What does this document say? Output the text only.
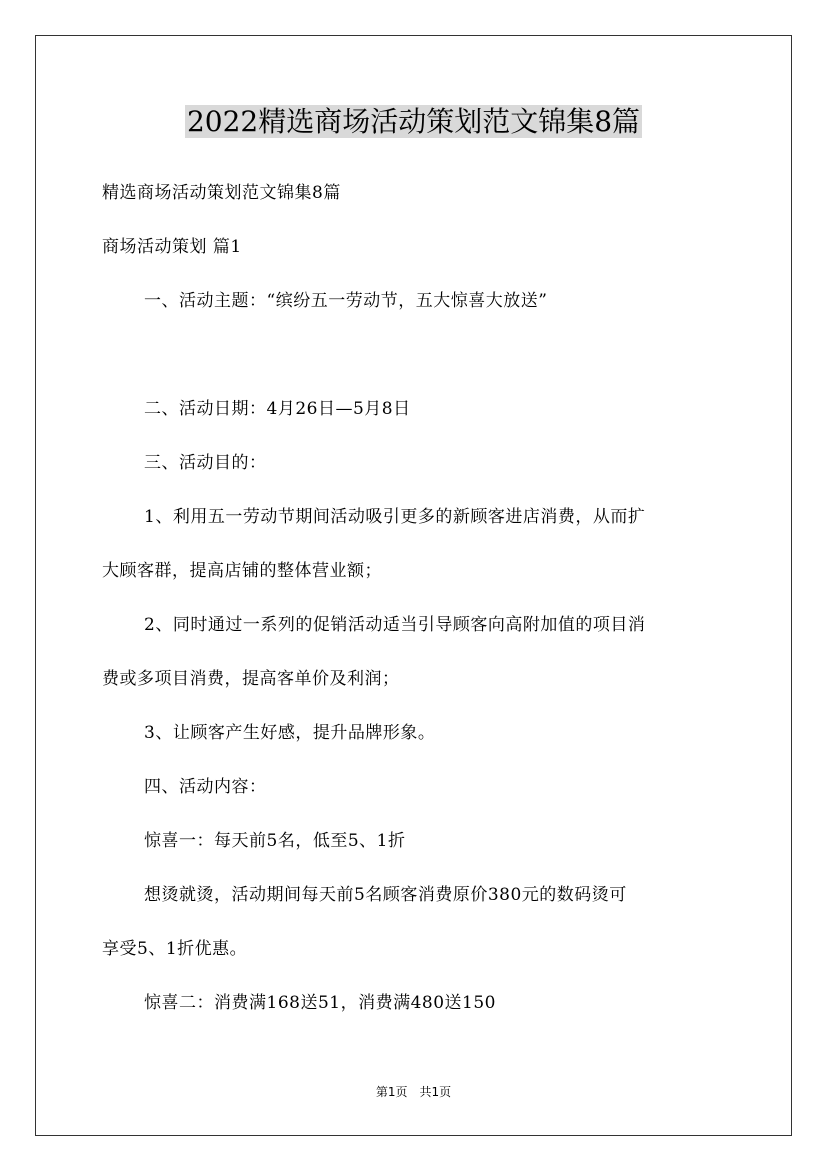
2022精选商场活动策划范文锦集8篇
精选商场活动策划范文锦集8篇
商场活动策划 篇1
一、活动主题：“缤纷五一劳动节，五大惊喜大放送”
二、活动日期：4月26日—5月8日
三、活动目的：
1、利用五一劳动节期间活动吸引更多的新顾客进店消费，从而扩
大顾客群，提高店铺的整体营业额；
2、同时通过一系列的促销活动适当引导顾客向高附加值的项目消
费或多项目消费，提高客单价及利润；
3、让顾客产生好感，提升品牌形象。
四、活动内容：
惊喜一：每天前5名，低至5、1折
想烫就烫，活动期间每天前5名顾客消费原价380元的数码烫可
享受5、1折优惠。
惊喜二：消费满168送51，消费满480送150
第1页　共1页
